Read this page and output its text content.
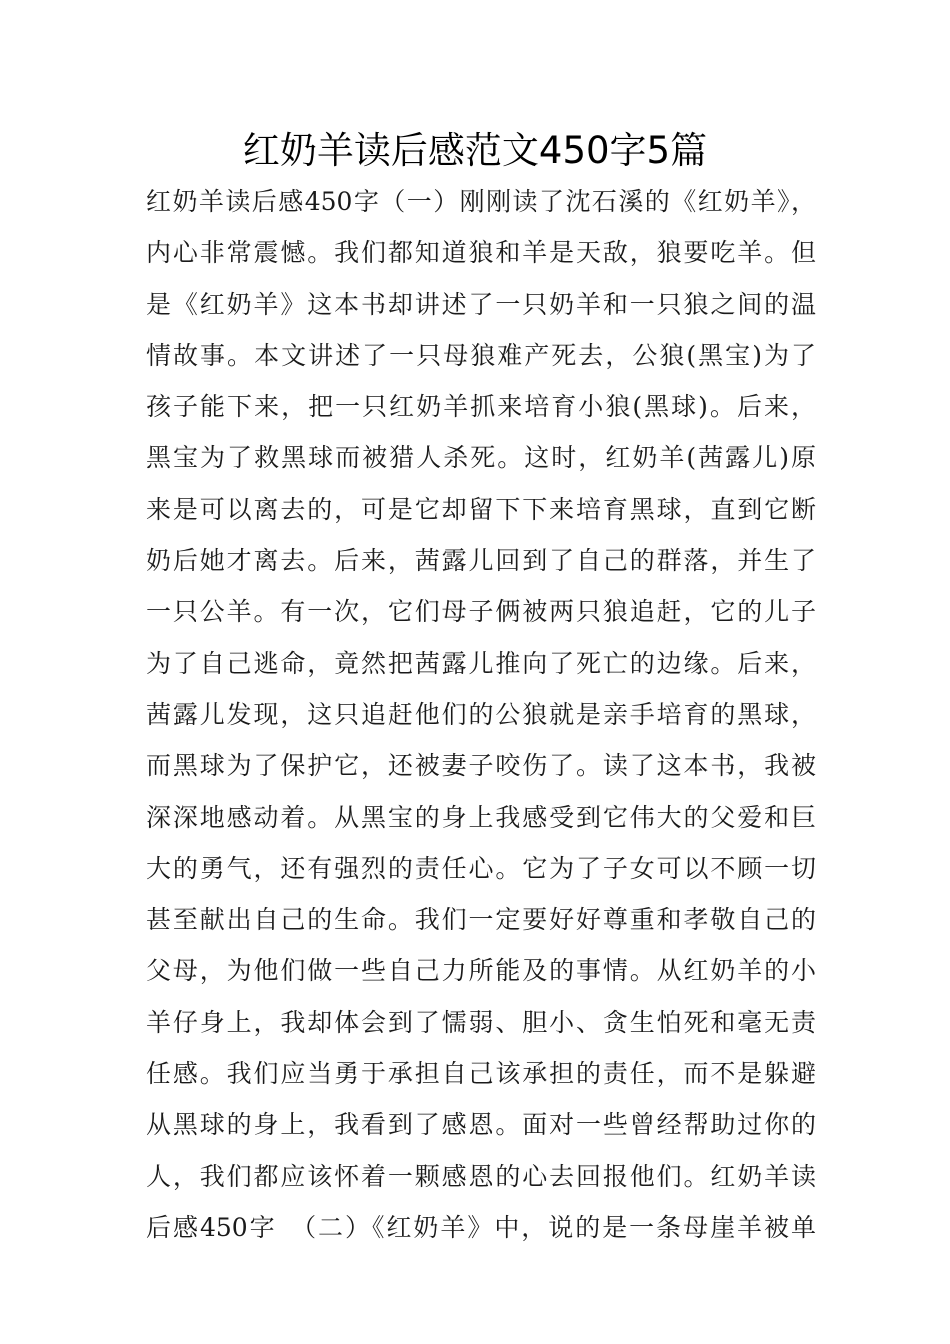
红奶羊读后感范文450字5篇
红奶羊读后感450字（一）刚刚读了沈石溪的《红奶羊》，
内心非常震憾。我们都知道狼和羊是天敌，狼要吃羊。但
是《红奶羊》这本书却讲述了一只奶羊和一只狼之间的温
情故事。本文讲述了一只母狼难产死去，公狼(黑宝)为了
孩子能下来，把一只红奶羊抓来培育小狼(黑球)。后来，
黑宝为了救黑球而被猎人杀死。这时，红奶羊(茜露儿)原
来是可以离去的，可是它却留下下来培育黑球，直到它断
奶后她才离去。后来，茜露儿回到了自己的群落，并生了
一只公羊。有一次，它们母子俩被两只狼追赶，它的儿子
为了自己逃命，竟然把茜露儿推向了死亡的边缘。后来，
茜露儿发现，这只追赶他们的公狼就是亲手培育的黑球，
而黑球为了保护它，还被妻子咬伤了。读了这本书，我被
深深地感动着。从黑宝的身上我感受到它伟大的父爱和巨
大的勇气，还有强烈的责任心。它为了子女可以不顾一切
甚至献出自己的生命。我们一定要好好尊重和孝敬自己的
父母，为他们做一些自己力所能及的事情。从红奶羊的小
羊仔身上，我却体会到了懦弱、胆小、贪生怕死和毫无责
任感。我们应当勇于承担自己该承担的责任，而不是躲避
从黑球的身上，我看到了感恩。面对一些曾经帮助过你的
人，我们都应该怀着一颗感恩的心去回报他们。红奶羊读
后感450字　（二）《红奶羊》中，说的是一条母崖羊被单
